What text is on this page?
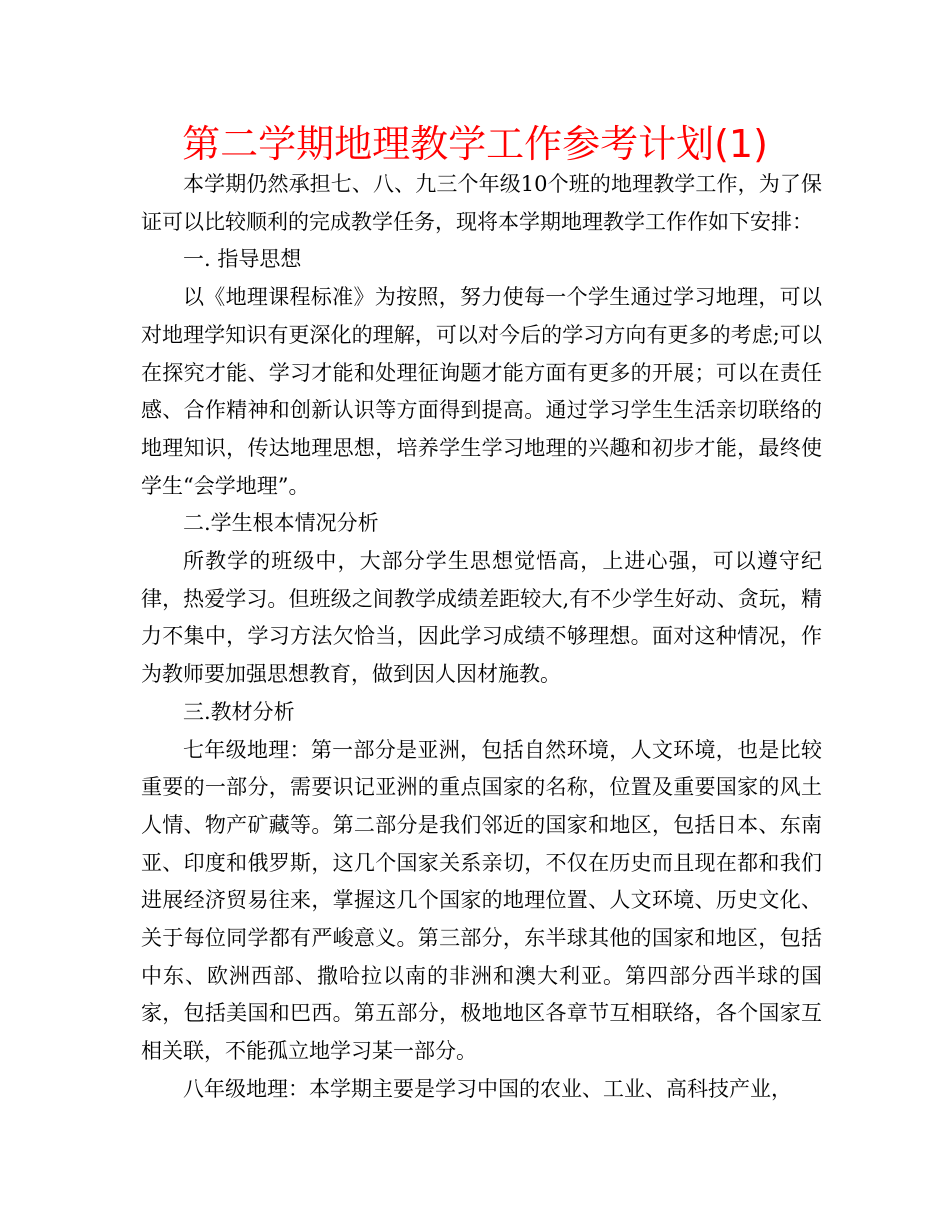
第二学期地理教学工作参考计划(1)

本学期仍然承担七、八、九三个年级10个班的地理教学工作，为了保证可以比较顺利的完成教学任务，现将本学期地理教学工作作如下安排：

一. 指导思想

以《地理课程标准》为按照，努力使每一个学生通过学习地理，可以对地理学知识有更深化的理解，可以对今后的学习方向有更多的考虑;可以在探究才能、学习才能和处理征询题才能方面有更多的开展；可以在责任感、合作精神和创新认识等方面得到提高。通过学习学生生活亲切联络的地理知识，传达地理思想，培养学生学习地理的兴趣和初步才能，最终使学生“会学地理”。

二.学生根本情况分析

所教学的班级中，大部分学生思想觉悟高，上进心强，可以遵守纪律，热爱学习。但班级之间教学成绩差距较大,有不少学生好动、贪玩，精力不集中，学习方法欠恰当，因此学习成绩不够理想。面对这种情况，作为教师要加强思想教育，做到因人因材施教。

三.教材分析

七年级地理：第一部分是亚洲，包括自然环境，人文环境，也是比较重要的一部分，需要识记亚洲的重点国家的名称，位置及重要国家的风土人情、物产矿藏等。第二部分是我们邻近的国家和地区，包括日本、东南亚、印度和俄罗斯，这几个国家关系亲切，不仅在历史而且现在都和我们进展经济贸易往来，掌握这几个国家的地理位置、人文环境、历史文化、关于每位同学都有严峻意义。第三部分，东半球其他的国家和地区，包括中东、欧洲西部、撒哈拉以南的非洲和澳大利亚。第四部分西半球的国家，包括美国和巴西。第五部分，极地地区各章节互相联络，各个国家互相关联，不能孤立地学习某一部分。

八年级地理：本学期主要是学习中国的农业、工业、高科技产业，
